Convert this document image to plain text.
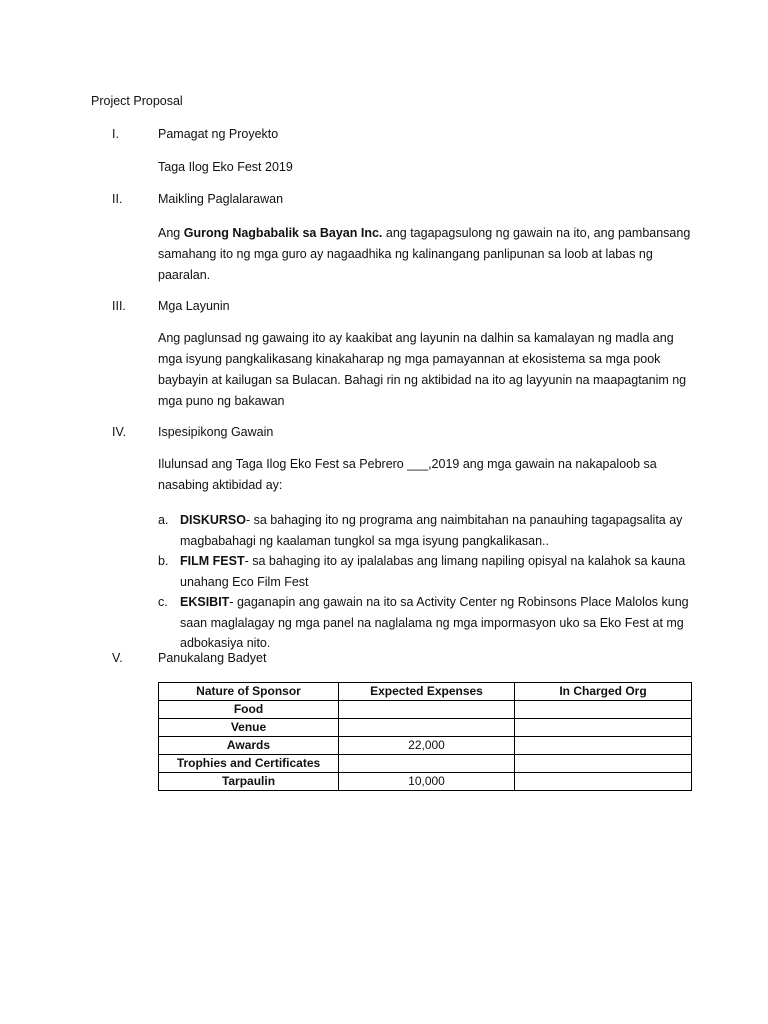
Project Proposal
I.	Pamagat ng Proyekto
Taga Ilog Eko Fest 2019
II.	Maikling Paglalarawan
Ang Gurong Nagbabalik sa Bayan Inc. ang tagapagsulong ng gawain na ito, ang pambansang samahang ito ng mga guro ay nagaadhika ng kalinangang panlipunan sa loob at labas ng paaralan.
III.	Mga Layunin
Ang paglunsad ng gawaing ito ay kaakibat ang layunin na dalhin sa kamalayan ng madla ang mga isyung pangkalikasang kinakaharap ng mga pamayannan at ekosistema sa mga pook baybayin at kailugan sa Bulacan. Bahagi rin ng aktibidad na ito ag layyunin na maapagtanim ng mga puno ng bakawan
IV.	Ispesipikong Gawain
Ilulunsad ang Taga Ilog Eko Fest sa Pebrero ___,2019 ang mga gawain na nakapaloob sa nasabing aktibidad ay:
a. DISKURSO- sa bahaging ito ng programa ang naimbitahan na panauhing tagapagsalita ay magbabahagi ng kaalaman tungkol sa mga isyung pangkalikasan..
b. FILM FEST- sa bahaging ito ay ipalalabas ang limang napiling opisyal na kalahok sa kauna unahang Eco Film Fest
c. EKSIBIT- gaganapin ang gawain na ito sa Activity Center ng Robinsons Place Malolos kung saan maglalagay ng mga panel na naglalama ng mga impormasyon uko sa Eko Fest at mg adbokasiya nito.
V.	Panukalang Badyet
Nature of Sponsor	Expected Expenses	In Charged Org
Food		
Venue		
Awards	22,000	
Trophies and Certificates		
Tarpaulin	10,000	
